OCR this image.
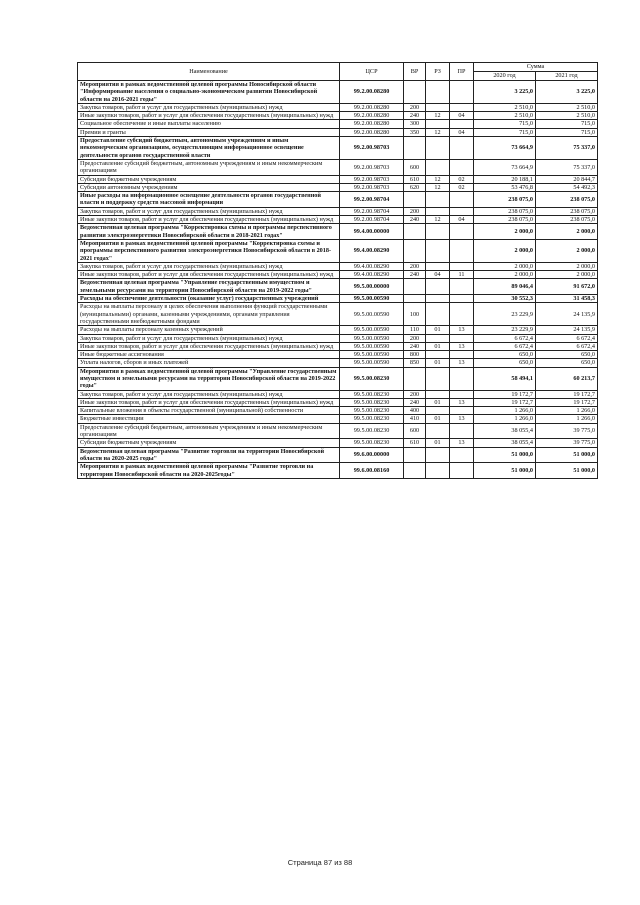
Наименование	ЦСР	ВР	РЗ	ПР	Сумма	
					2020 год	2021 год
Мероприятия в рамках ведомственной целевой программы Новосибирской области "Информирование населения о социально-экономическом развитии Новосибирской области на 2016-2021 годы"	99.2.00.08280				3 225,0	3 225,0
Закупка товаров, работ и услуг для государственных (муниципальных) нужд	99.2.00.08280	200			2 510,0	2 510,0
Иные закупки товаров, работ и услуг для обеспечения государственных (муниципальных) нужд	99.2.00.08280	240	12	04	2 510,0	2 510,0
Социальное обеспечение и иные выплаты населению	99.2.00.08280	300			715,0	715,0
Премии и гранты	99.2.00.08280	350	12	04	715,0	715,0
Предоставление субсидий бюджетным, автономным учреждениям и иным некоммерческим организациям, осуществляющим информационное освещение деятельности органов государственной власти	99.2.00.98703				73 664,9	75 337,0
Предоставление субсидий бюджетным, автономным учреждениям и иным некоммерческим организациям	99.2.00.98703	600			73 664,9	75 337,0
Субсидии бюджетным учреждениям	99.2.00.98703	610	12	02	20 188,1	20 844,7
Субсидии автономным учреждениям	99.2.00.98703	620	12	02	53 476,8	54 492,3
Иные расходы на информационное освещение деятельности органов государственной власти и поддержку средств массовой информации	99.2.00.98704				238 075,0	238 075,0
Закупка товаров, работ и услуг для государственных (муниципальных) нужд	99.2.00.98704	200			238 075,0	238 075,0
Иные закупки товаров, работ и услуг для обеспечения государственных (муниципальных) нужд	99.2.00.98704	240	12	04	238 075,0	238 075,0
Ведомственная целевая программа "Корректировка схемы и программы перспективного развития электроэнергетики Новосибирской области в 2018-2021 годах"	99.4.00.00000				2 000,0	2 000,0
Мероприятия в рамках ведомственной целевой программы "Корректировка схемы и программы перспективного развития электроэнергетики Новосибирской области в 2018-2021 годах"	99.4.00.08290				2 000,0	2 000,0
Закупка товаров, работ и услуг для государственных (муниципальных) нужд	99.4.00.08290	200			2 000,0	2 000,0
Иные закупки товаров, работ и услуг для обеспечения государственных (муниципальных) нужд	99.4.00.08290	240	04	11	2 000,0	2 000,0
Ведомственная целевая программа "Управление государственным имуществом и земельными ресурсами на территории Новосибирской области на 2019-2022 годы"	99.5.00.00000				89 046,4	91 672,0
Расходы на обеспечение деятельности (оказание услуг) государственных учреждений	99.5.00.00590				30 552,3	31 458,3
Расходы на выплаты персоналу в целях обеспечения выполнения функций государственными (муниципальными) органами, казенными учреждениями, органами управления государственными внебюджетными фондами	99.5.00.00590	100			23 229,9	24 135,9
Расходы на выплаты персоналу казенных учреждений	99.5.00.00590	110	01	13	23 229,9	24 135,9
Закупка товаров, работ и услуг для государственных (муниципальных) нужд	99.5.00.00590	200			6 672,4	6 672,4
Иные закупки товаров, работ и услуг для обеспечения государственных (муниципальных) нужд	99.5.00.00590	240	01	13	6 672,4	6 672,4
Иные бюджетные ассигнования	99.5.00.00590	800			650,0	650,0
Уплата налогов, сборов и иных платежей	99.5.00.00590	850	01	13	650,0	650,0
Мероприятия в рамках ведомственной целевой программы "Управление государственным имуществом и земельными ресурсами на территории Новосибирской области на 2019-2022 годы"	99.5.00.08230				58 494,1	60 213,7
Закупка товаров, работ и услуг для государственных (муниципальных) нужд	99.5.00.08230	200			19 172,7	19 172,7
Иные закупки товаров, работ и услуг для обеспечения государственных (муниципальных) нужд	99.5.00.08230	240	01	13	19 172,7	19 172,7
Капитальные вложения в объекты государственной (муниципальной) собственности	99.5.00.08230	400			1 266,0	1 266,0
Бюджетные инвестиции	99.5.00.08230	410	01	13	1 266,0	1 266,0
Предоставление субсидий бюджетным, автономным учреждениям и иным некоммерческим организациям	99.5.00.08230	600			38 055,4	39 775,0
Субсидии бюджетным учреждениям	99.5.00.08230	610	01	13	38 055,4	39 775,0
Ведомственная целевая программа "Развитие торговли на территории Новосибирской области на 2020-2025 годы"	99.6.00.00000				51 000,0	51 000,0
Мероприятия в рамках ведомственной целевой программы "Развитие торговли на территории Новосибирской области на 2020-2025годы"	99.6.00.08160				51 000,0	51 000,0
Страница 87 из 88
